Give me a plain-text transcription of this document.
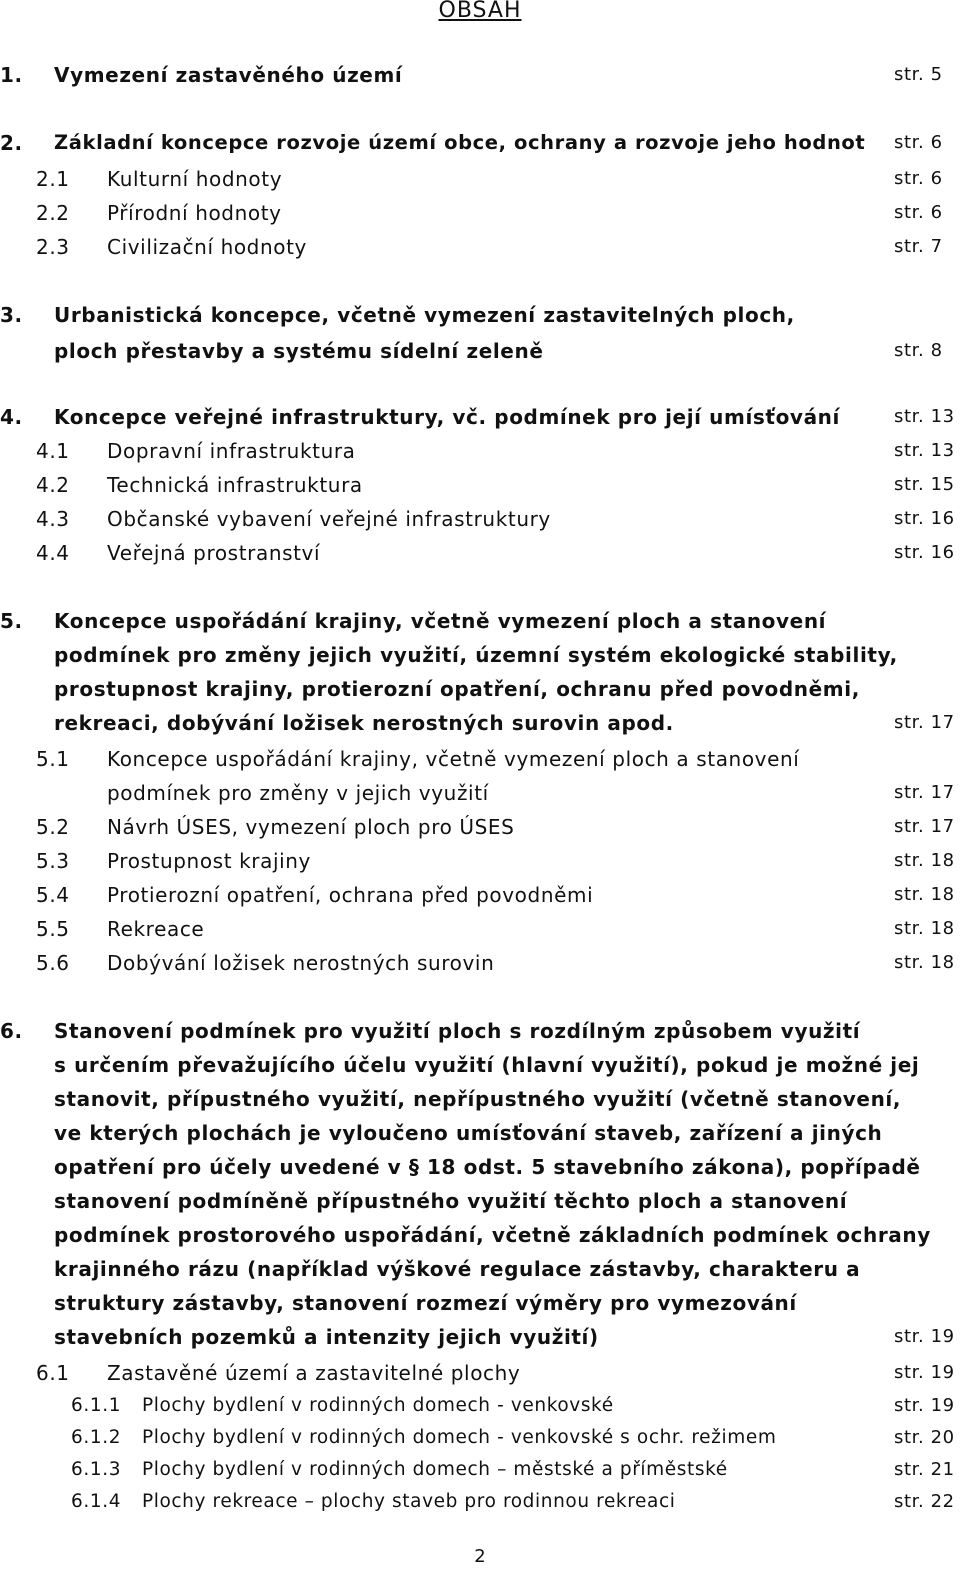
OBSAH
1. Vymezení zastavěného území	str. 5
2. Základní koncepce rozvoje území obce, ochrany a rozvoje jeho hodnot str. 6
2.1 Kulturní hodnoty	str. 6
2.2 Přírodní hodnoty	str. 6
2.3 Civilizační hodnoty	str. 7
3. Urbanistická koncepce, včetně vymezení zastavitelných ploch,
ploch přestavby a systému sídelní zeleně	str. 8
4. Koncepce veřejné infrastruktury, vč. podmínek pro její umísťování	str. 13
4.1 Dopravní infrastruktura	str. 13
4.2 Technická infrastruktura	str. 15
4.3 Občanské vybavení veřejné infrastruktury	str. 16
4.4 Veřejná prostranství	str. 16
5. Koncepce uspořádání krajiny, včetně vymezení ploch a stanovení
podmínek pro změny jejich využití, územní systém ekologické stability,
prostupnost krajiny, protierozní opatření, ochranu před povodněmi,
rekreaci, dobývání ložisek nerostných surovin apod.	str. 17
5.1 Koncepce uspořádání krajiny, včetně vymezení ploch a stanovení
podmínek pro změny v jejich využití	str. 17
5.2 Návrh ÚSES, vymezení ploch pro ÚSES	str. 17
5.3 Prostupnost krajiny	str. 18
5.4 Protierozní opatření, ochrana před povodněmi	str. 18
5.5 Rekreace	str. 18
5.6 Dobývání ložisek nerostných surovin	str. 18
6. Stanovení podmínek pro využití ploch s rozdílným způsobem využití
s určením převažujícího účelu využití (hlavní využití), pokud je možné jej
stanovit, přípustného využití, nepřípustného využití (včetně stanovení,
ve kterých plochách je vyloučeno umísťování staveb, zařízení a jiných
opatření pro účely uvedené v § 18 odst. 5 stavebního zákona), popřípadě
stanovení podmíněně přípustného využití těchto ploch a stanovení
podmínek prostorového uspořádání, včetně základních podmínek ochrany
krajinného rázu (například výškové regulace zástavby, charakteru a
struktury zástavby, stanovení rozmezí výměry pro vymezování
stavebních pozemků a intenzity jejich využití)	str. 19
6.1 Zastavěné území a zastavitelné plochy	str. 19
6.1.1 Plochy bydlení v rodinných domech - venkovské	str. 19
6.1.2 Plochy bydlení v rodinných domech - venkovské s ochr. režimem	str. 20
6.1.3 Plochy bydlení v rodinných domech – městské a příměstské	str. 21
6.1.4 Plochy rekreace – plochy staveb pro rodinnou rekreaci	str. 22
2
